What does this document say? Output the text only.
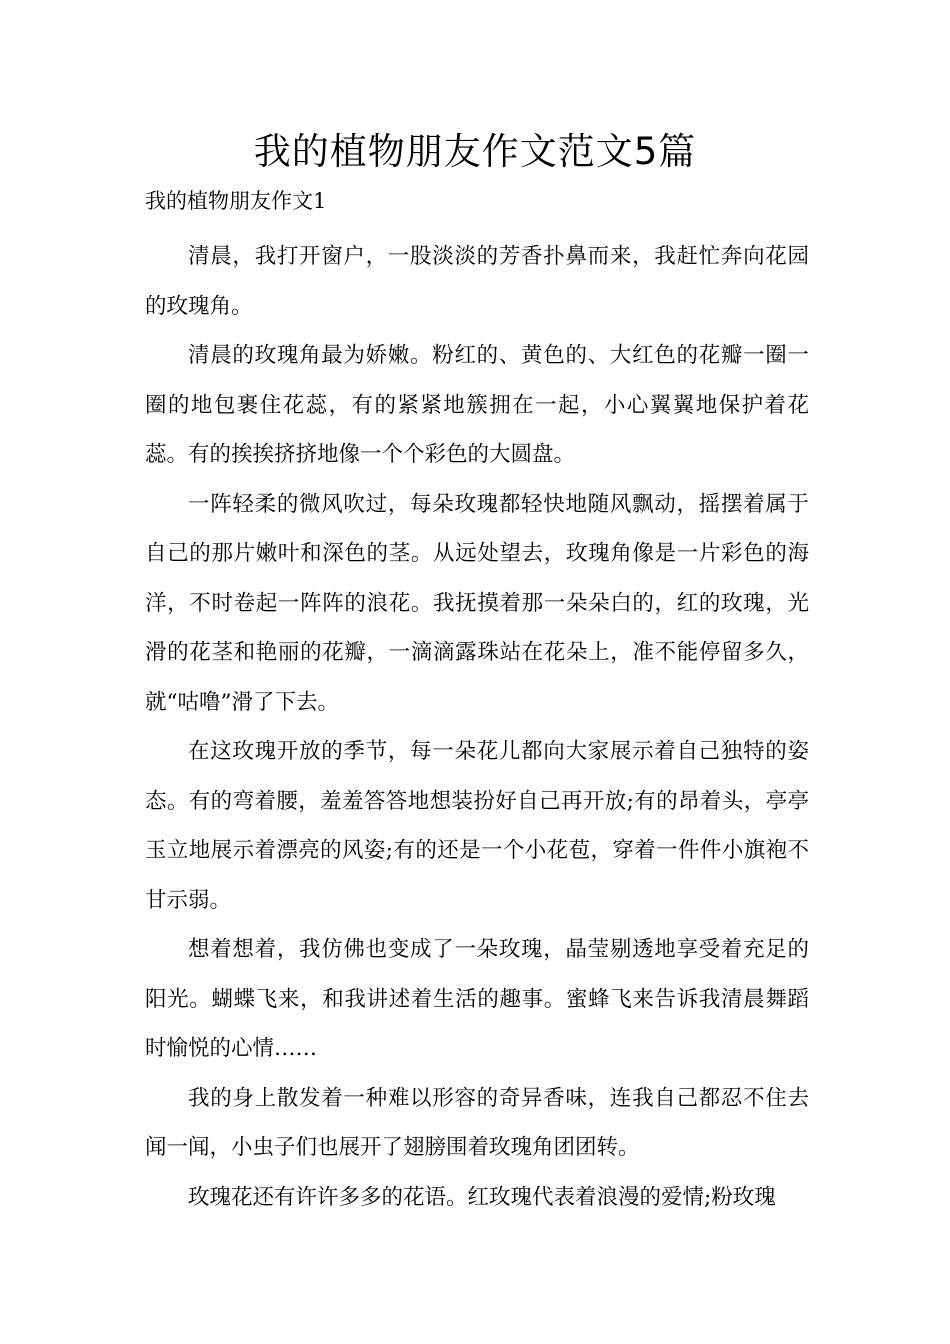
我的植物朋友作文范文5篇

我的植物朋友作文1

清晨，我打开窗户，一股淡淡的芳香扑鼻而来，我赶忙奔向花园的玫瑰角。

清晨的玫瑰角最为娇嫩。粉红的、黄色的、大红色的花瓣一圈一圈的地包裹住花蕊，有的紧紧地簇拥在一起，小心翼翼地保护着花蕊。有的挨挨挤挤地像一个个彩色的大圆盘。

一阵轻柔的微风吹过，每朵玫瑰都轻快地随风飘动，摇摆着属于自己的那片嫩叶和深色的茎。从远处望去，玫瑰角像是一片彩色的海洋，不时卷起一阵阵的浪花。我抚摸着那一朵朵白的，红的玫瑰，光滑的花茎和艳丽的花瓣，一滴滴露珠站在花朵上，准不能停留多久，就“咕噜”滑了下去。

在这玫瑰开放的季节，每一朵花儿都向大家展示着自己独特的姿态。有的弯着腰，羞羞答答地想装扮好自己再开放;有的昂着头，亭亭玉立地展示着漂亮的风姿;有的还是一个小花苞，穿着一件件小旗袍不甘示弱。

想着想着，我仿佛也变成了一朵玫瑰，晶莹剔透地享受着充足的阳光。蝴蝶飞来，和我讲述着生活的趣事。蜜蜂飞来告诉我清晨舞蹈时愉悦的心情……

我的身上散发着一种难以形容的奇异香味，连我自己都忍不住去闻一闻，小虫子们也展开了翅膀围着玫瑰角团团转。

玫瑰花还有许许多多的花语。红玫瑰代表着浪漫的爱情;粉玫瑰
